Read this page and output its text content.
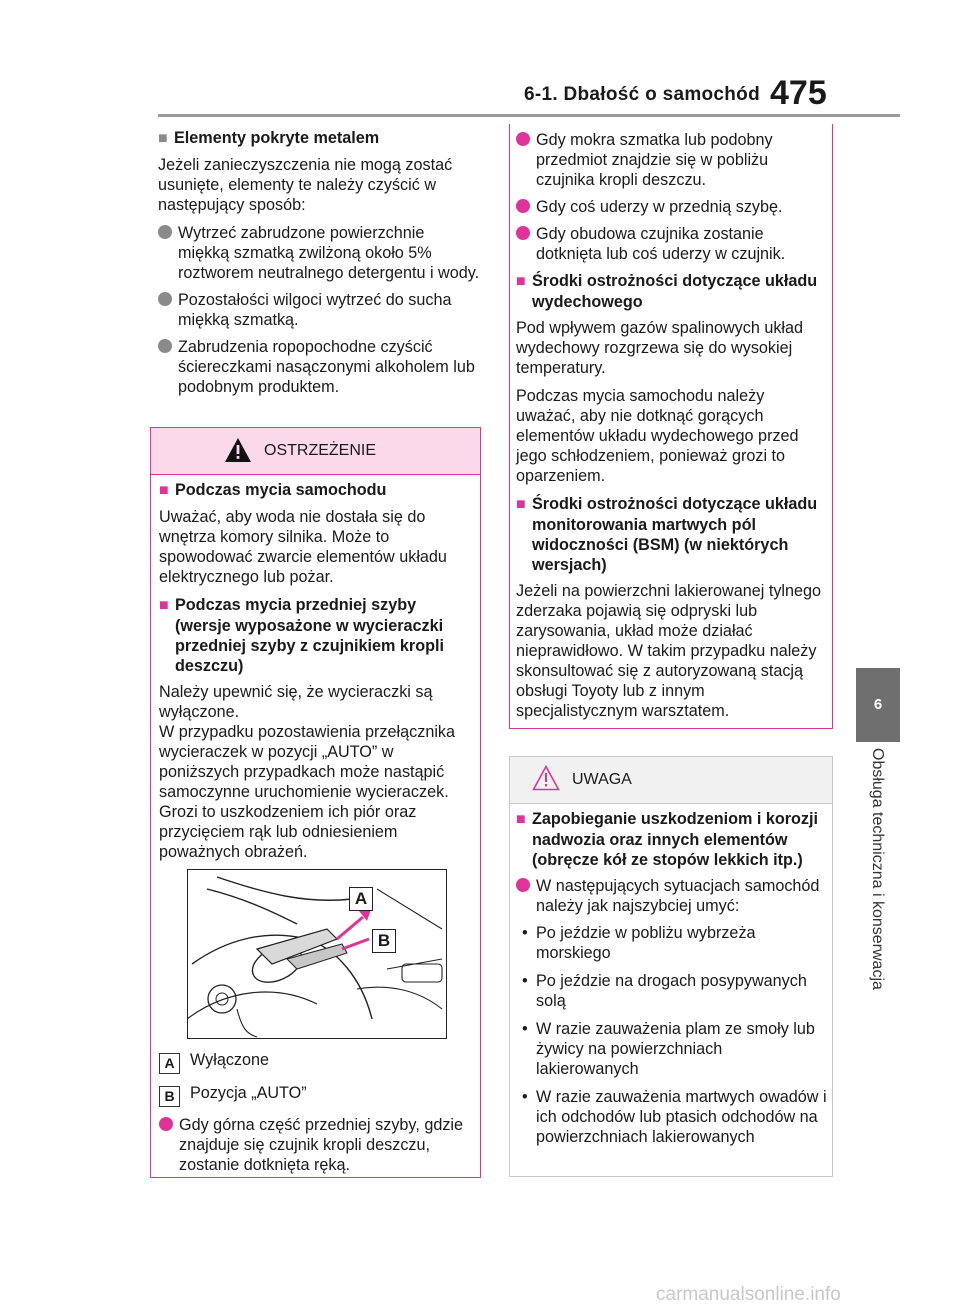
6-1. Dbałość o samochód 475
6
Obsługa techniczna i konserwacja
■ Elementy pokryte metalem

Jeżeli zanieczyszczenia nie mogą zostać usunięte, elementy te należy czyścić w następujący sposób:

Wytrzeć zabrudzone powierzchnie miękką szmatką zwilżoną około 5% roztworem neutralnego detergentu i wody.
Pozostałości wilgoci wytrzeć do sucha miękką szmatką.
Zabrudzenia ropopochodne czyścić ściereczkami nasączonymi alkoholem lub podobnym produktem.
OSTRZEŻENIE
■ Podczas mycia samochodu

Uważać, aby woda nie dostała się do wnętrza komory silnika. Może to spowodować zwarcie elementów układu elektrycznego lub pożar.

■ Podczas mycia przedniej szyby (wersje wyposażone w wycieraczki przedniej szyby z czujnikiem kropli deszczu)

Należy upewnić się, że wycieraczki są wyłączone.

W przypadku pozostawienia przełącznika wycieraczek w pozycji „AUTO” w poniższych przypadkach może nastąpić samoczynne uruchomienie wycieraczek. Grozi to uszkodzeniem ich piór oraz przycięciem rąk lub odniesieniem poważnych obrażeń.

A
B

A Wyłączone

B Pozycja „AUTO”

Gdy górna część przedniej szyby, gdzie znajduje się czujnik kropli deszczu, zostanie dotknięta ręką.
Gdy mokra szmatka lub podobny przedmiot znajdzie się w pobliżu czujnika kropli deszczu.
Gdy coś uderzy w przednią szybę.
Gdy obudowa czujnika zostanie dotknięta lub coś uderzy w czujnik.
■ Środki ostrożności dotyczące układu wydechowego

Pod wpływem gazów spalinowych układ wydechowy rozgrzewa się do wysokiej temperatury.

Podczas mycia samochodu należy uważać, aby nie dotknąć gorących elementów układu wydechowego przed jego schłodzeniem, ponieważ grozi to oparzeniem.

■ Środki ostrożności dotyczące układu monitorowania martwych pól widoczności (BSM) (w niektórych wersjach)

Jeżeli na powierzchni lakierowanej tylnego zderzaka pojawią się odpryski lub zarysowania, układ może działać nieprawidłowo. W takim przypadku należy skonsultować się z autoryzowaną stacją obsługi Toyoty lub z innym specjalistycznym warsztatem.

UWAGA
■ Zapobieganie uszkodzeniom i korozji nadwozia oraz innych elementów (obręcze kół ze stopów lekkich itp.)
W następujących sytuacjach samochód należy jak najszybciej umyć:
• Po jeździe w pobliżu wybrzeża morskiego
• Po jeździe na drogach posypywanych solą
• W razie zauważenia plam ze smoły lub żywicy na powierzchniach lakierowanych
• W razie zauważenia martwych owadów i ich odchodów lub ptasich odchodów na powierzchniach lakierowanych
carmanualsonline.info
